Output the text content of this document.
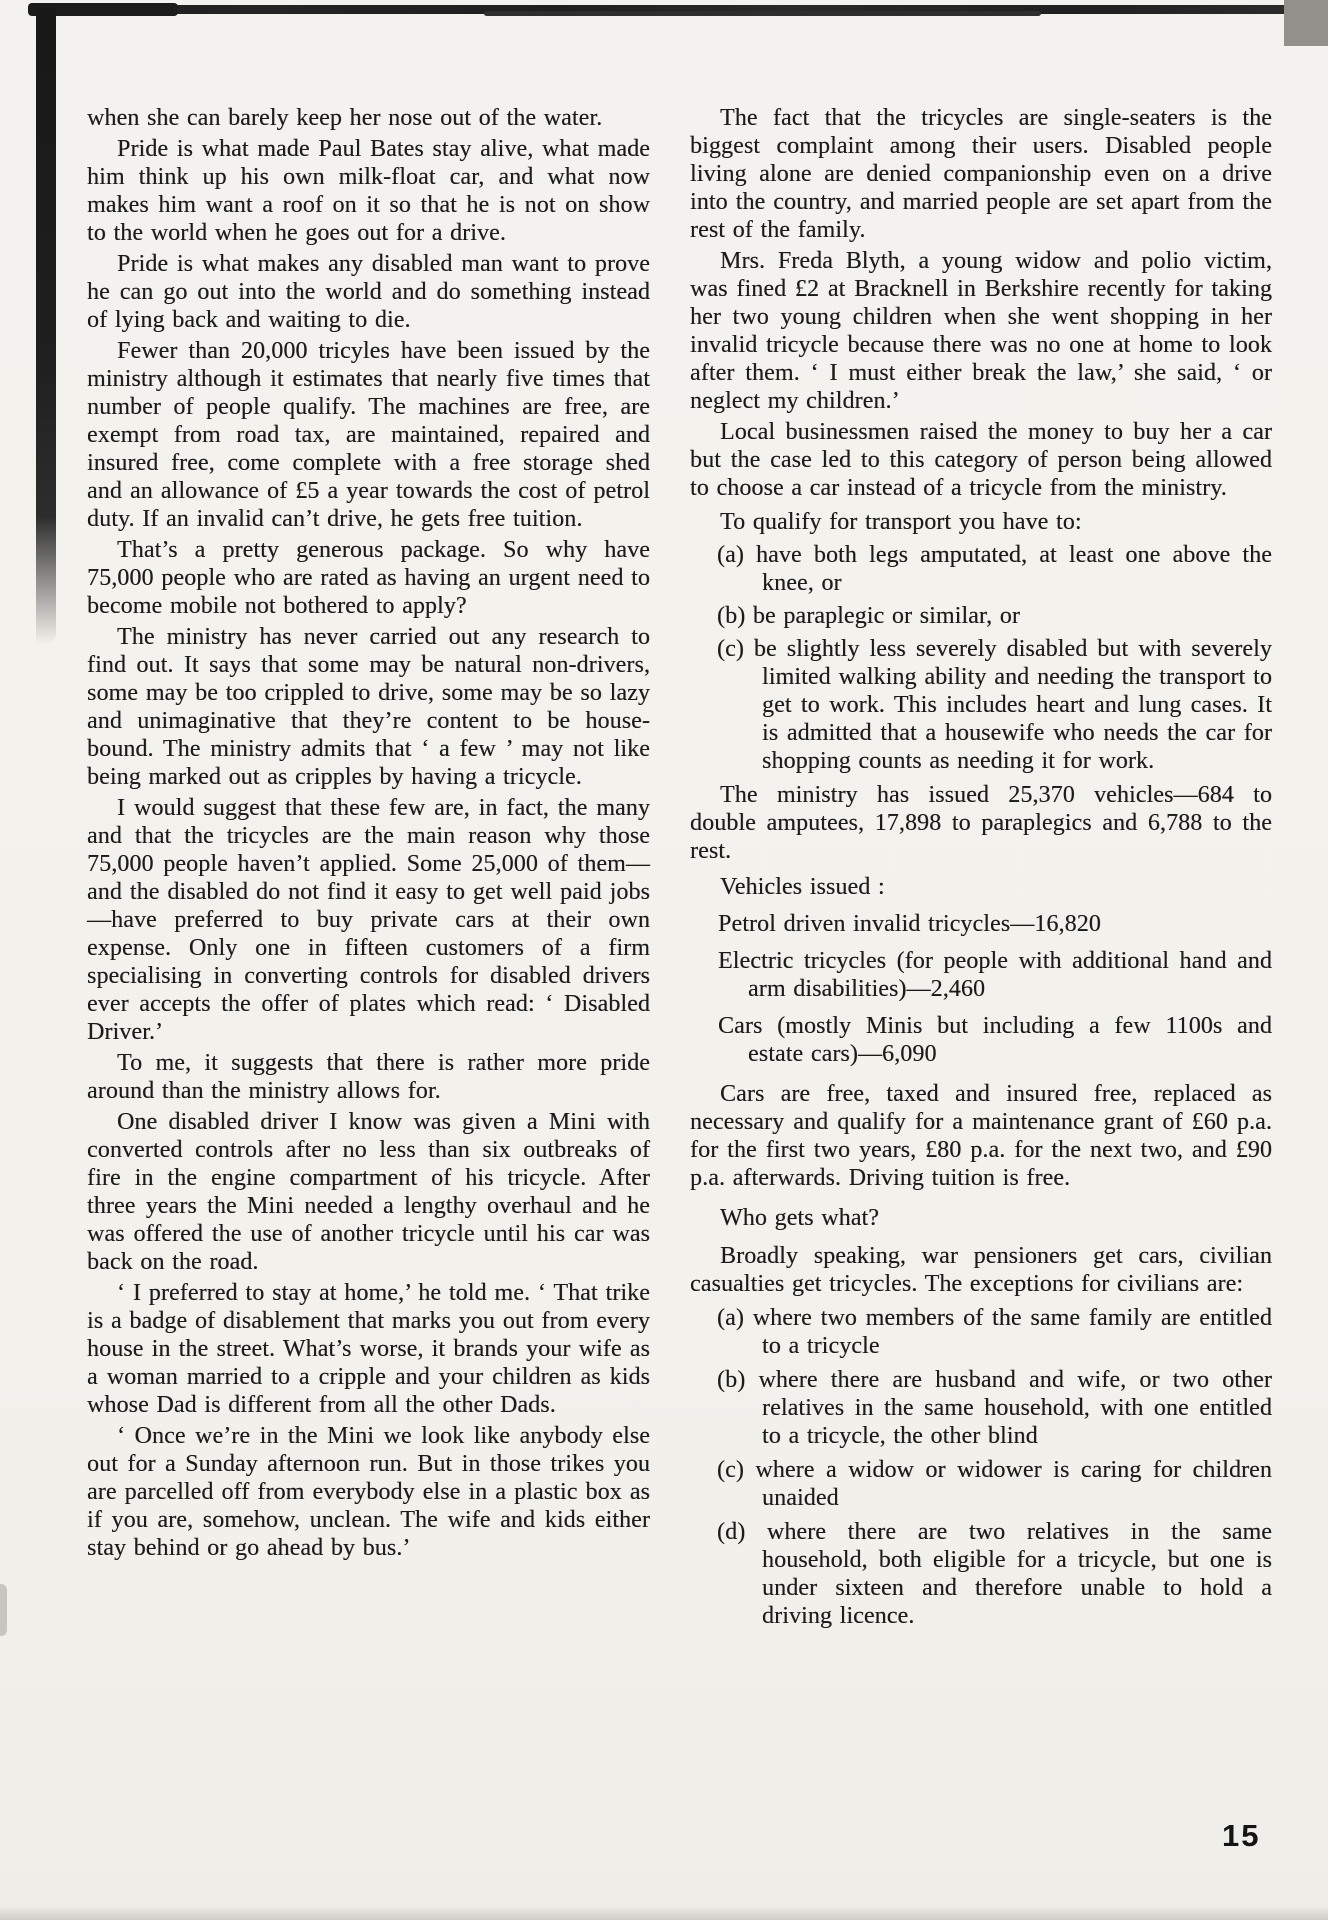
when she can barely keep her nose out of the water.

Pride is what made Paul Bates stay alive, what made him think up his own milk-float car, and what now makes him want a roof on it so that he is not on show to the world when he goes out for a drive.

Pride is what makes any disabled man want to prove he can go out into the world and do something instead of lying back and waiting to die.

Fewer than 20,000 tricyles have been issued by the ministry although it estimates that nearly five times that number of people qualify. The machines are free, are exempt from road tax, are maintained, repaired and insured free, come complete with a free storage shed and an allowance of £5 a year towards the cost of petrol duty. If an invalid can’t drive, he gets free tuition.

That’s a pretty generous package. So why have 75,000 people who are rated as having an urgent need to become mobile not bothered to apply?

The ministry has never carried out any research to find out. It says that some may be natural non-drivers, some may be too crippled to drive, some may be so lazy and unimaginative that they’re content to be house-bound. The ministry admits that ‘ a few ’ may not like being marked out as cripples by having a tricycle.

I would suggest that these few are, in fact, the many and that the tricycles are the main reason why those 75,000 people haven’t applied. Some 25,000 of them—and the disabled do not find it easy to get well paid jobs—have preferred to buy private cars at their own expense. Only one in fifteen customers of a firm specialising in converting controls for disabled drivers ever accepts the offer of plates which read: ‘ Disabled Driver.’

To me, it suggests that there is rather more pride around than the ministry allows for.

One disabled driver I know was given a Mini with converted controls after no less than six outbreaks of fire in the engine compartment of his tricycle. After three years the Mini needed a lengthy overhaul and he was offered the use of another tricycle until his car was back on the road.

‘ I preferred to stay at home,’ he told me. ‘ That trike is a badge of disablement that marks you out from every house in the street. What’s worse, it brands your wife as a woman married to a cripple and your children as kids whose Dad is different from all the other Dads.

‘ Once we’re in the Mini we look like anybody else out for a Sunday afternoon run. But in those trikes you are parcelled off from everybody else in a plastic box as if you are, somehow, unclean. The wife and kids either stay behind or go ahead by bus.’

The fact that the tricycles are single-seaters is the biggest complaint among their users. Disabled people living alone are denied companionship even on a drive into the country, and married people are set apart from the rest of the family.

Mrs. Freda Blyth, a young widow and polio victim, was fined £2 at Bracknell in Berkshire recently for taking her two young children when she went shopping in her invalid tricycle because there was no one at home to look after them. ‘ I must either break the law,’ she said, ‘ or neglect my children.’

Local businessmen raised the money to buy her a car but the case led to this category of person being allowed to choose a car instead of a tricycle from the ministry.

To qualify for transport you have to:

(a) have both legs amputated, at least one above the knee, or

(b) be paraplegic or similar, or

(c) be slightly less severely disabled but with severely limited walking ability and needing the transport to get to work. This includes heart and lung cases. It is admitted that a housewife who needs the car for shopping counts as needing it for work.

The ministry has issued 25,370 vehicles—684 to double amputees, 17,898 to paraplegics and 6,788 to the rest.

Vehicles issued :

Petrol driven invalid tricycles—16,820

Electric tricycles (for people with additional hand and arm disabilities)—2,460

Cars (mostly Minis but including a few 1100s and estate cars)—6,090

Cars are free, taxed and insured free, replaced as necessary and qualify for a maintenance grant of £60 p.a. for the first two years, £80 p.a. for the next two, and £90 p.a. afterwards. Driving tuition is free.

Who gets what?

Broadly speaking, war pensioners get cars, civilian casualties get tricycles. The exceptions for civilians are:

(a) where two members of the same family are entitled to a tricycle

(b) where there are husband and wife, or two other relatives in the same household, with one entitled to a tricycle, the other blind

(c) where a widow or widower is caring for children unaided

(d) where there are two relatives in the same household, both eligible for a tricycle, but one is under sixteen and therefore unable to hold a driving licence.

15
